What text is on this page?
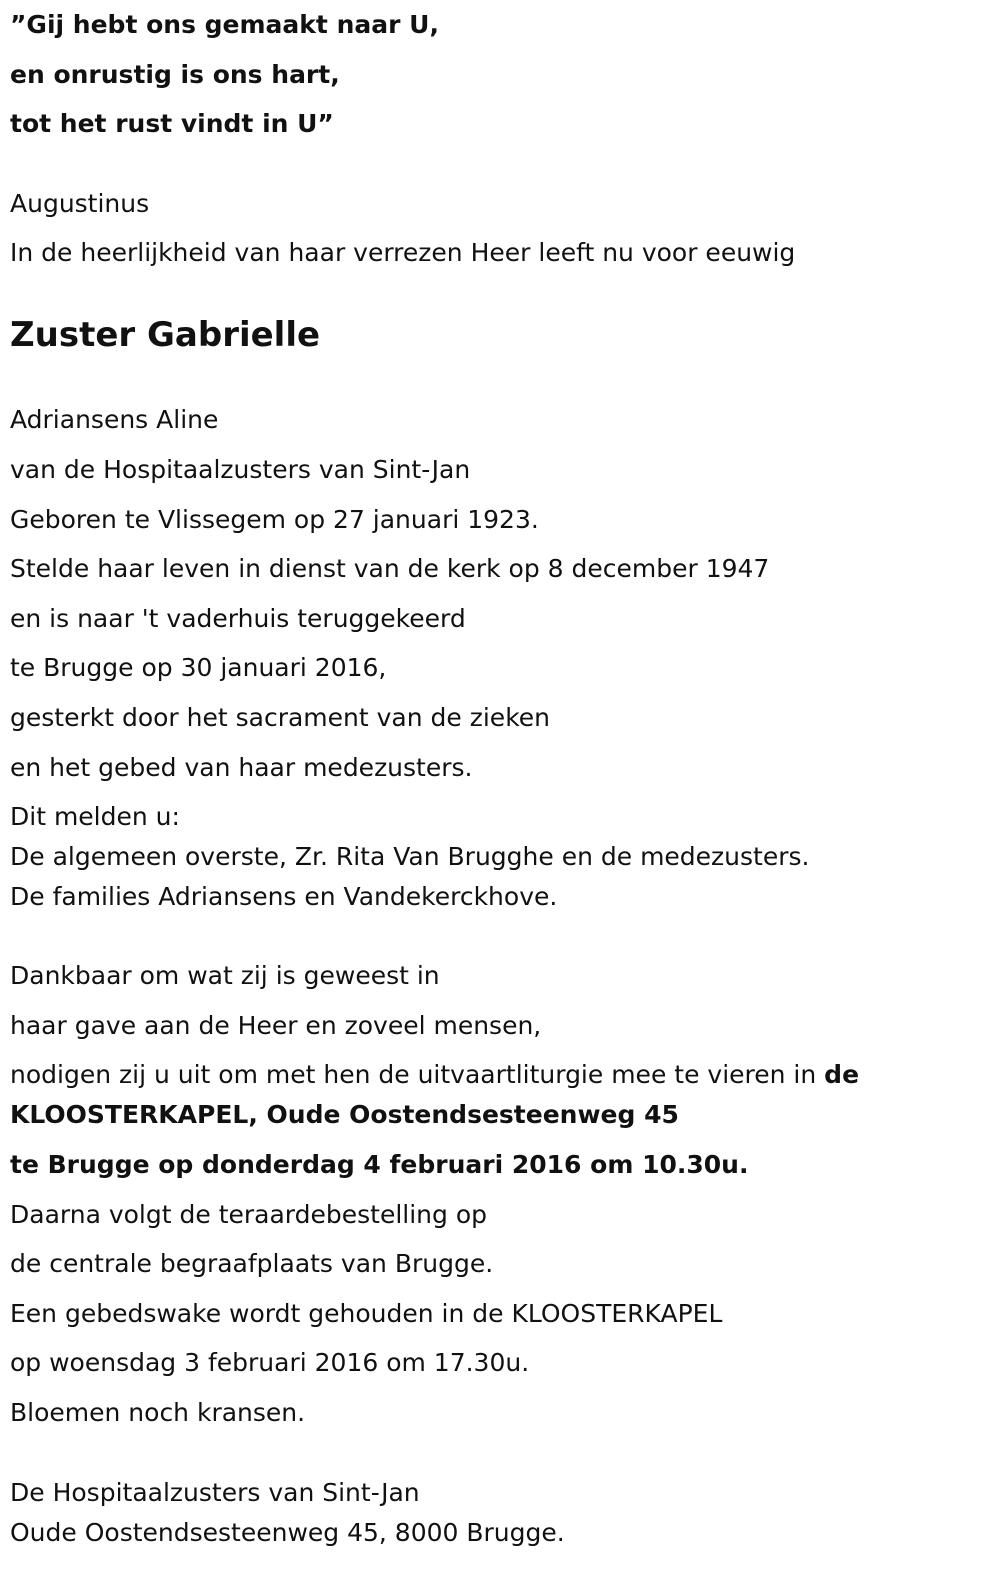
”Gij hebt ons gemaakt naar U,

en onrustig is ons hart,

tot het rust vindt in U”

Augustinus

In de heerlijkheid van haar verrezen Heer leeft nu voor eeuwig

Zuster Gabrielle

Adriansens Aline

van de Hospitaalzusters van Sint-Jan

Geboren te Vlissegem op 27 januari 1923.

Stelde haar leven in dienst van de kerk op 8 december 1947

en is naar 't vaderhuis teruggekeerd

te Brugge op 30 januari 2016,

gesterkt door het sacrament van de zieken

en het gebed van haar medezusters.

Dit melden u:

De algemeen overste, Zr. Rita Van Brugghe en de medezusters.

De families Adriansens en Vandekerckhove.

Dankbaar om wat zij is geweest in

haar gave aan de Heer en zoveel mensen,

nodigen zij u uit om met hen de uitvaartliturgie mee te vieren in de

KLOOSTERKAPEL, Oude Oostendsesteenweg 45

te Brugge op donderdag 4 februari 2016 om 10.30u.

Daarna volgt de teraardebestelling op

de centrale begraafplaats van Brugge.

Een gebedswake wordt gehouden in de KLOOSTERKAPEL

op woensdag 3 februari 2016 om 17.30u.

Bloemen noch kransen.

De Hospitaalzusters van Sint-Jan

Oude Oostendsesteenweg 45, 8000 Brugge.
